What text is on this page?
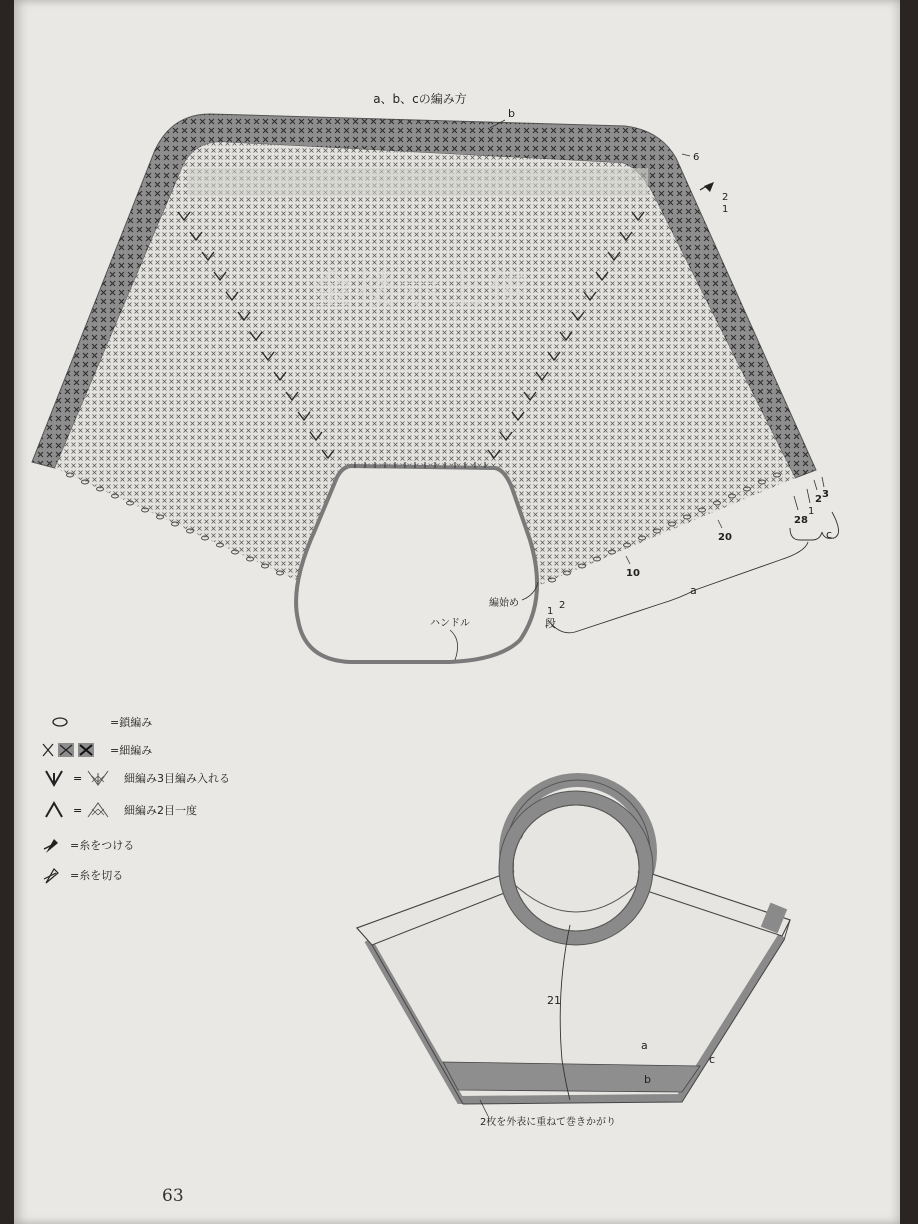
a、b、cの編み方
b
6
2
1
28
1
2 3
20
10
c
a
編始め
1
2
段
ハンドル
21
a
b
c
2枚を外表に重ねて巻きかがり
金楼示上传
=鎖編み
=細編み
=	細編み3目編み入れる
=	細編み2目一度
=糸をつける
=糸を切る
63
